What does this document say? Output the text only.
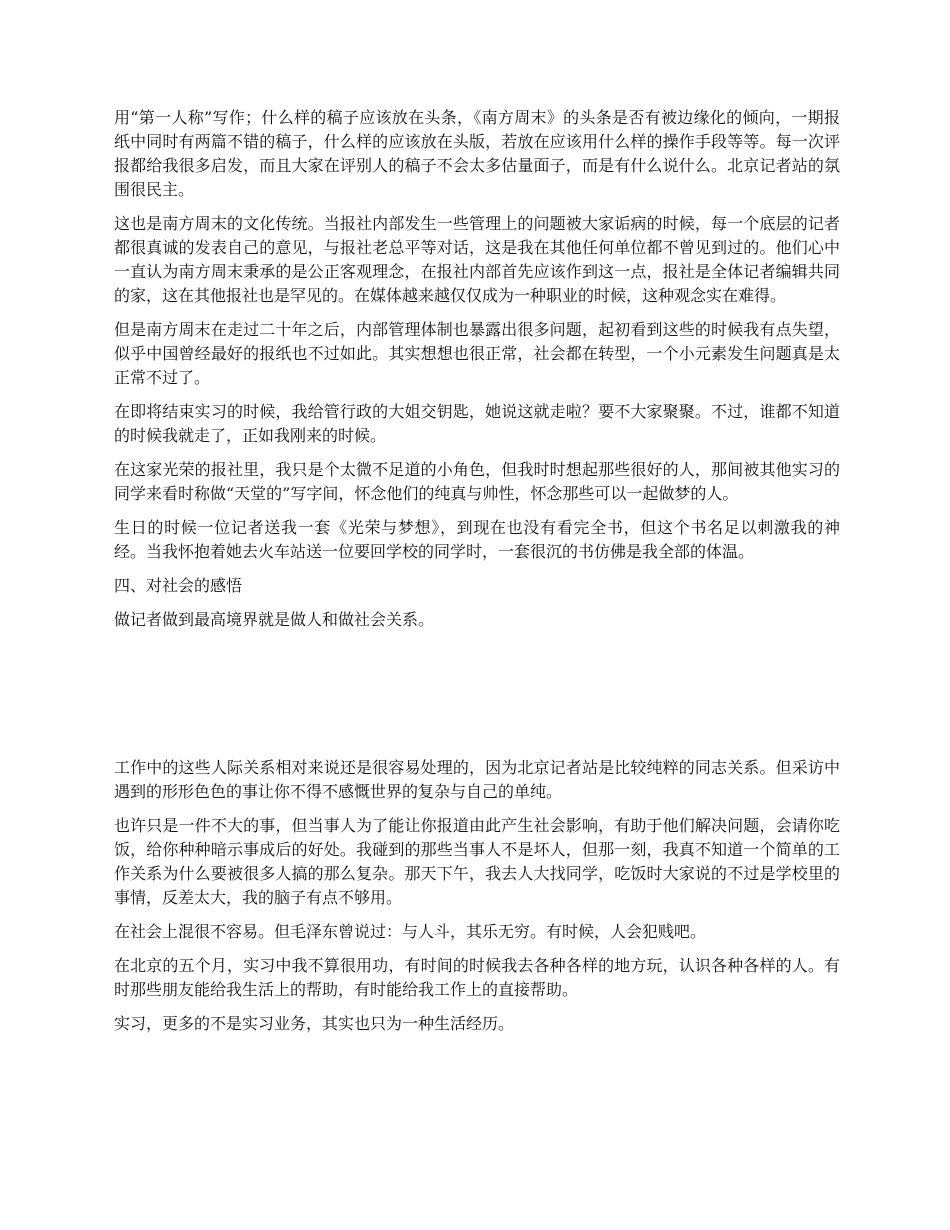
用“第一人称”写作；什么样的稿子应该放在头条，《南方周末》的头条是否有被边缘化的倾向，一期报纸中同时有两篇不错的稿子，什么样的应该放在头版，若放在应该用什么样的操作手段等等。每一次评报都给我很多启发，而且大家在评别人的稿子不会太多估量面子，而是有什么说什么。北京记者站的氛围很民主。

这也是南方周末的文化传统。当报社内部发生一些管理上的问题被大家诟病的时候，每一个底层的记者都很真诚的发表自己的意见，与报社老总平等对话，这是我在其他任何单位都不曾见到过的。他们心中一直认为南方周末秉承的是公正客观理念，在报社内部首先应该作到这一点，报社是全体记者编辑共同的家，这在其他报社也是罕见的。在媒体越来越仅仅成为一种职业的时候，这种观念实在难得。

但是南方周末在走过二十年之后，内部管理体制也暴露出很多问题，起初看到这些的时候我有点失望，似乎中国曾经最好的报纸也不过如此。其实想想也很正常，社会都在转型，一个小元素发生问题真是太正常不过了。

在即将结束实习的时候，我给管行政的大姐交钥匙，她说这就走啦？要不大家聚聚。不过，谁都不知道的时候我就走了，正如我刚来的时候。

在这家光荣的报社里，我只是个太微不足道的小角色，但我时时想起那些很好的人，那间被其他实习的同学来看时称做“天堂的”写字间，怀念他们的纯真与帅性，怀念那些可以一起做梦的人。

生日的时候一位记者送我一套《光荣与梦想》，到现在也没有看完全书，但这个书名足以刺激我的神经。当我怀抱着她去火车站送一位要回学校的同学时，一套很沉的书仿佛是我全部的体温。

四、对社会的感悟

做记者做到最高境界就是做人和做社会关系。

工作中的这些人际关系相对来说还是很容易处理的，因为北京记者站是比较纯粹的同志关系。但采访中遇到的形形色色的事让你不得不感慨世界的复杂与自己的单纯。

也许只是一件不大的事，但当事人为了能让你报道由此产生社会影响，有助于他们解决问题，会请你吃饭，给你种种暗示事成后的好处。我碰到的那些当事人不是坏人，但那一刻，我真不知道一个简单的工作关系为什么要被很多人搞的那么复杂。那天下午，我去人大找同学，吃饭时大家说的不过是学校里的事情，反差太大，我的脑子有点不够用。

在社会上混很不容易。但毛泽东曾说过：与人斗，其乐无穷。有时候，人会犯贱吧。

在北京的五个月，实习中我不算很用功，有时间的时候我去各种各样的地方玩，认识各种各样的人。有时那些朋友能给我生活上的帮助，有时能给我工作上的直接帮助。

实习，更多的不是实习业务，其实也只为一种生活经历。
